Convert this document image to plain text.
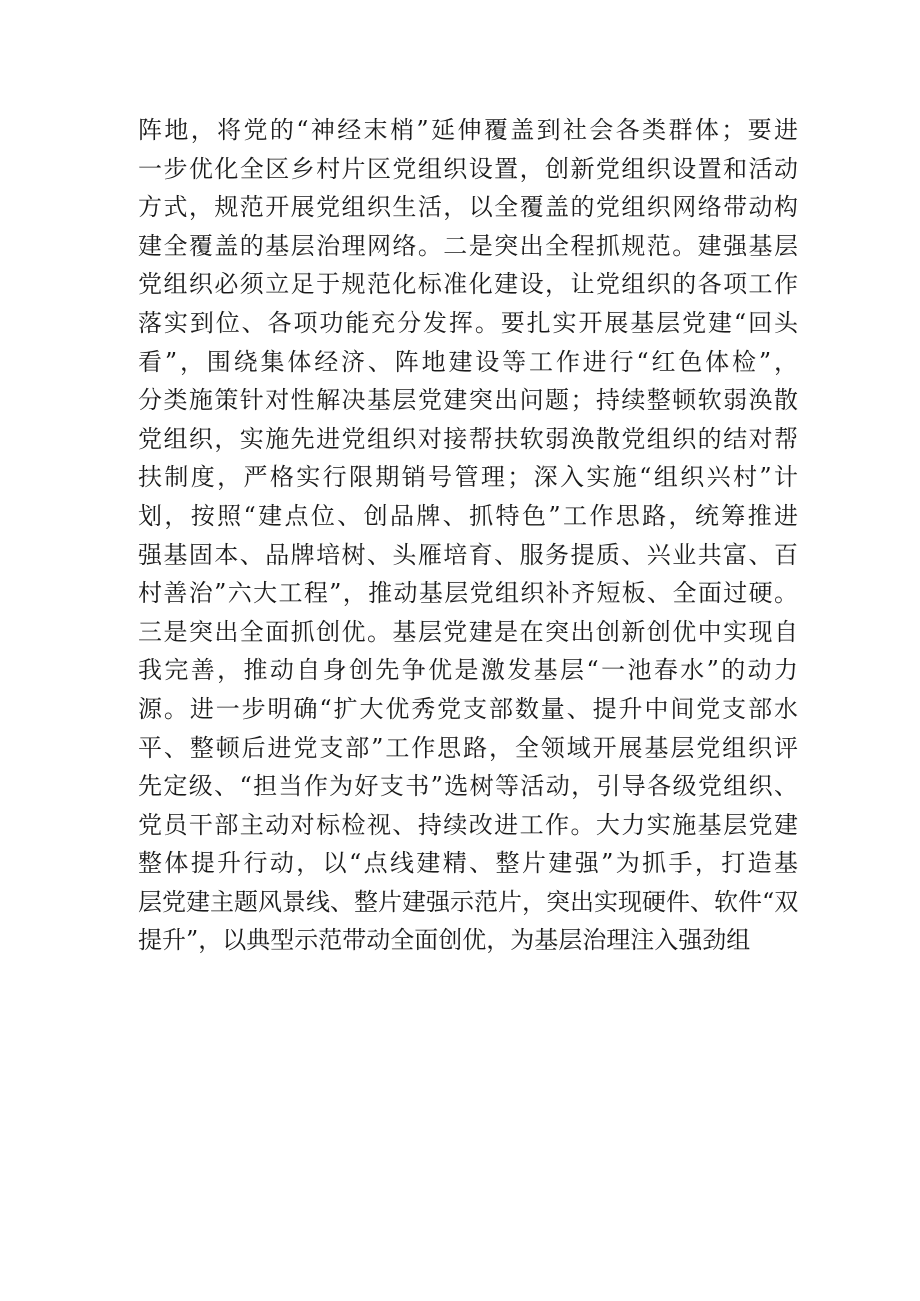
阵地，将党的“神经末梢”延伸覆盖到社会各类群体；要进
一步优化全区乡村片区党组织设置，创新党组织设置和活动
方式，规范开展党组织生活，以全覆盖的党组织网络带动构
建全覆盖的基层治理网络。二是突出全程抓规范。建强基层
党组织必须立足于规范化标准化建设，让党组织的各项工作
落实到位、各项功能充分发挥。要扎实开展基层党建“回头
看”，围绕集体经济、阵地建设等工作进行“红色体检”，
分类施策针对性解决基层党建突出问题；持续整顿软弱涣散
党组织，实施先进党组织对接帮扶软弱涣散党组织的结对帮
扶制度，严格实行限期销号管理；深入实施“组织兴村”计
划，按照“建点位、创品牌、抓特色”工作思路，统筹推进
强基固本、品牌培树、头雁培育、服务提质、兴业共富、百
村善治”六大工程”，推动基层党组织补齐短板、全面过硬。
三是突出全面抓创优。基层党建是在突出创新创优中实现自
我完善，推动自身创先争优是激发基层“一池春水”的动力
源。进一步明确“扩大优秀党支部数量、提升中间党支部水
平、整顿后进党支部”工作思路，全领域开展基层党组织评
先定级、“担当作为好支书”选树等活动，引导各级党组织、
党员干部主动对标检视、持续改进工作。大力实施基层党建
整体提升行动，以“点线建精、整片建强”为抓手，打造基
层党建主题风景线、整片建强示范片，突出实现硬件、软件“双
提升”，以典型示范带动全面创优，为基层治理注入强劲组
